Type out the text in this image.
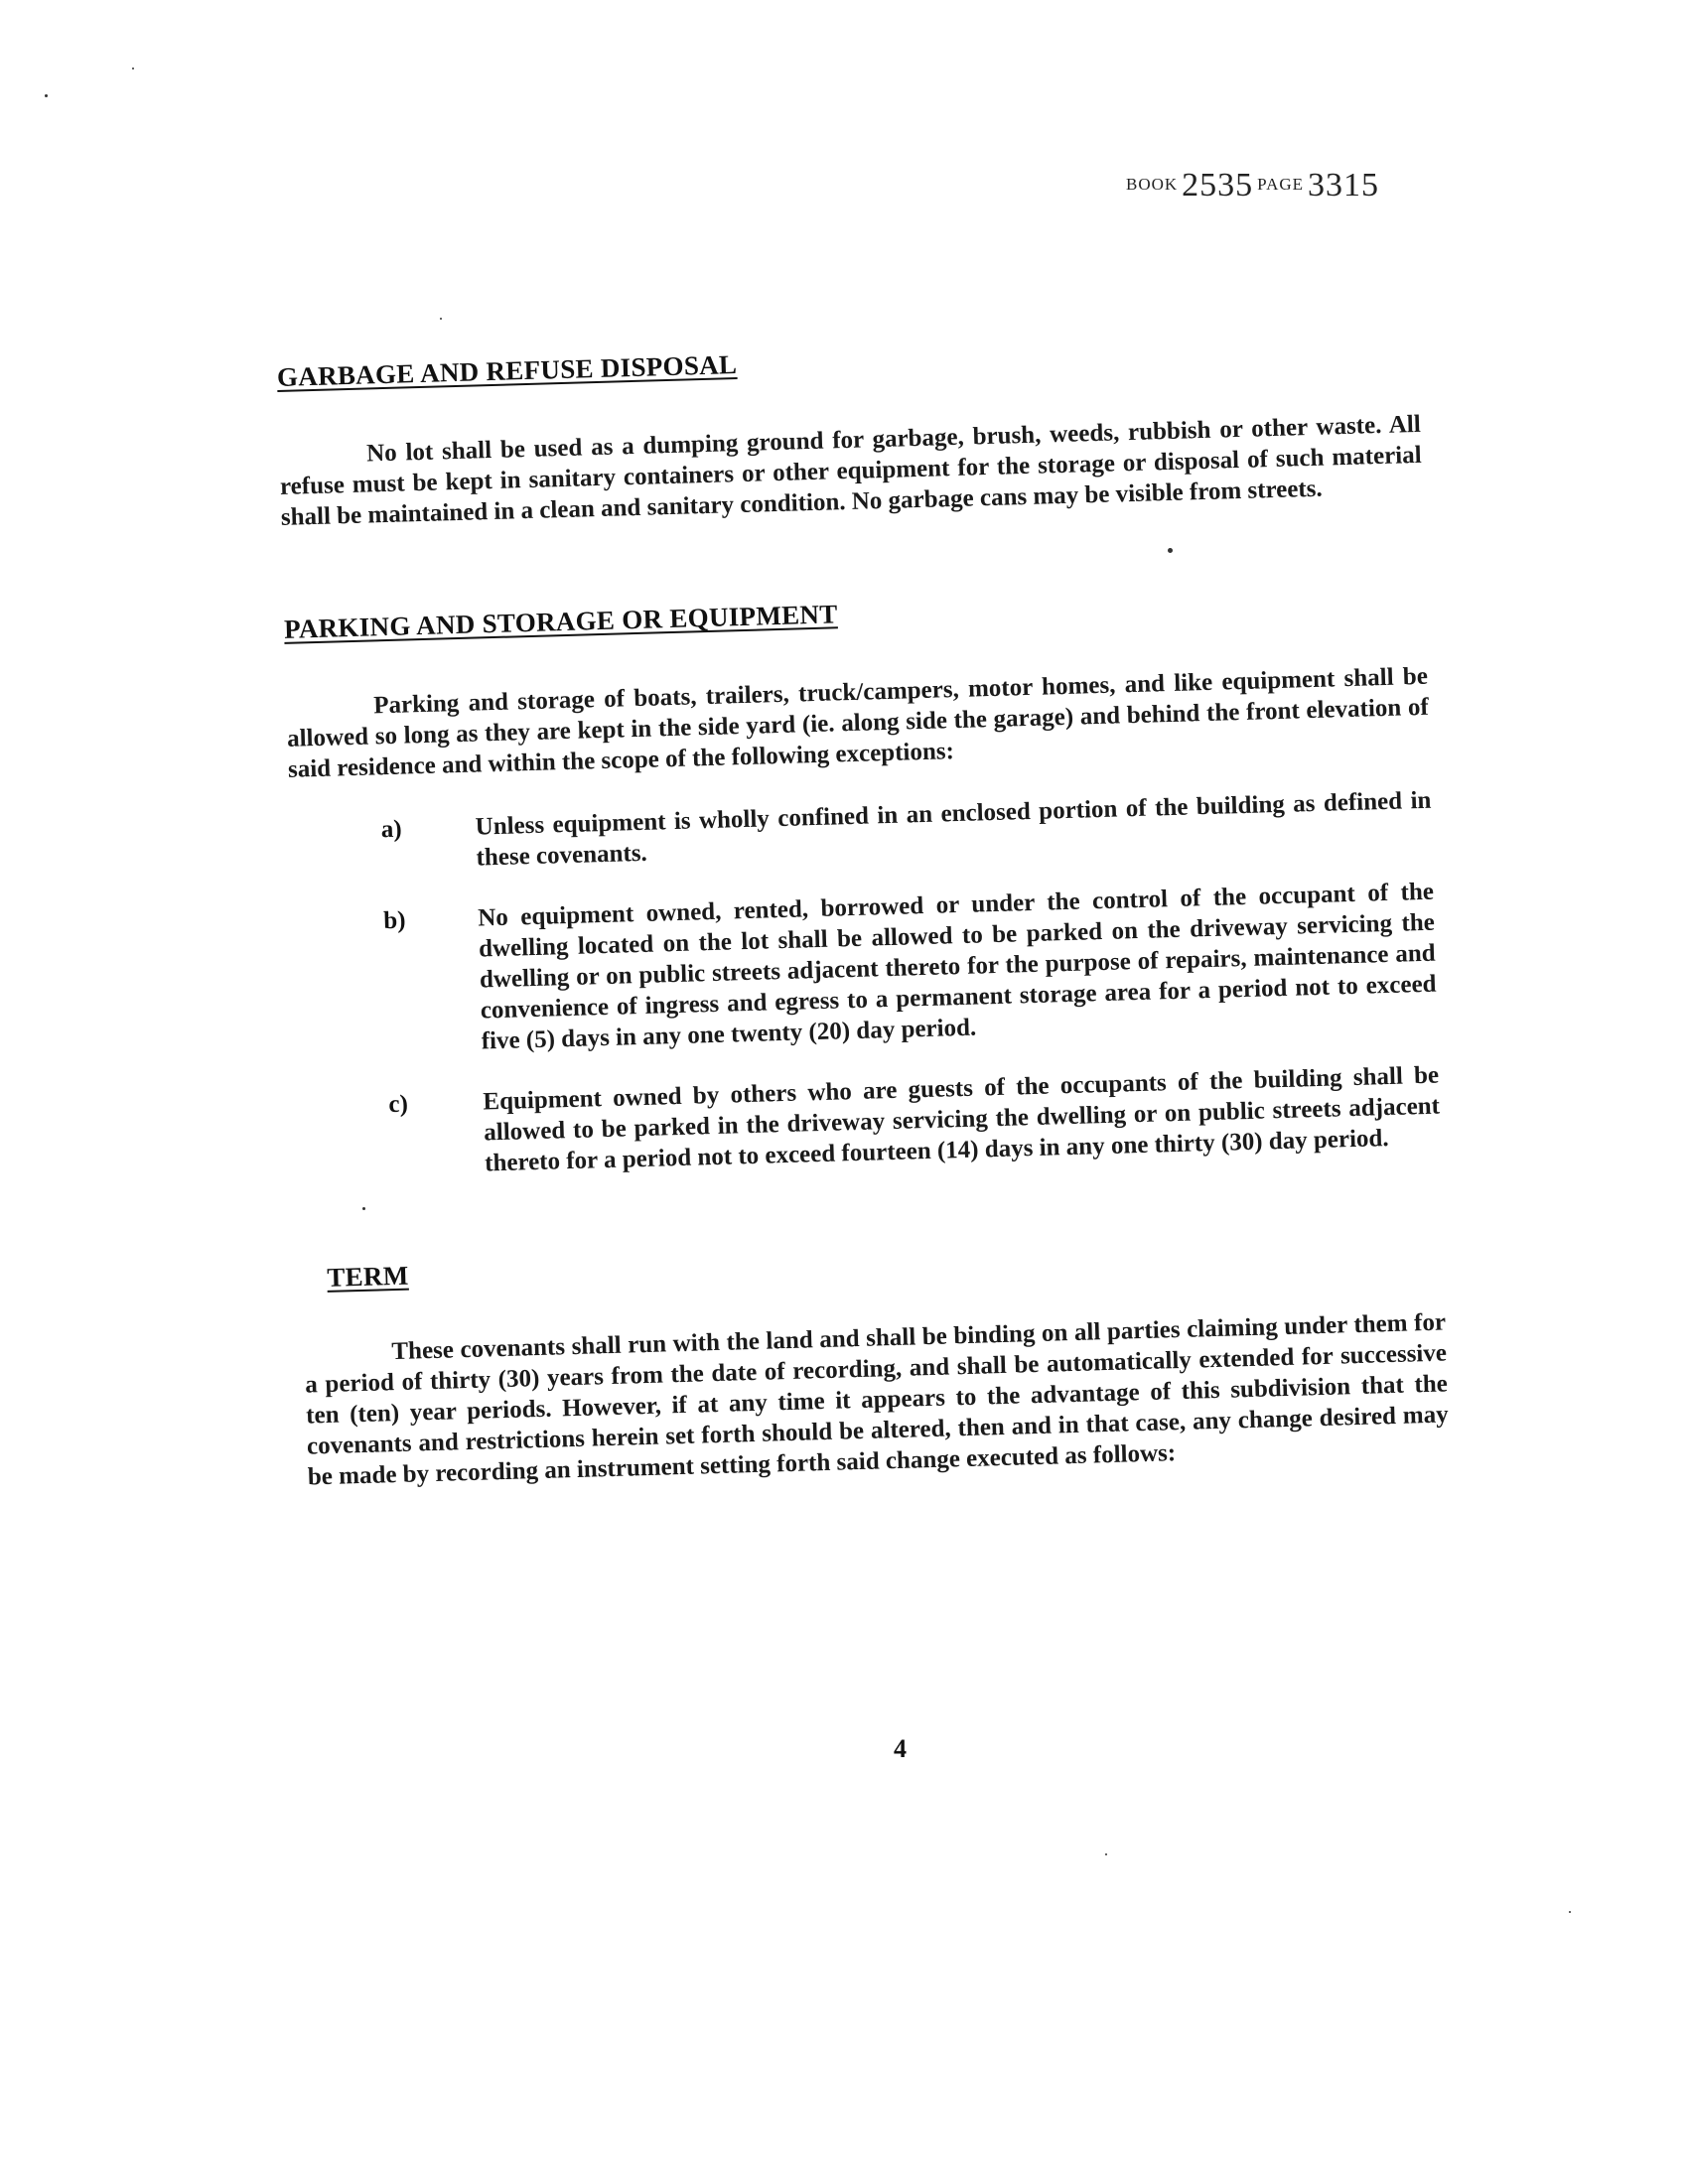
BOOK 2535 PAGE 3315
GARBAGE AND REFUSE DISPOSAL

No lot shall be used as a dumping ground for garbage, brush, weeds, rubbish or other waste. All refuse must be kept in sanitary containers or other equipment for the storage or disposal of such material shall be maintained in a clean and sanitary condition. No garbage cans may be visible from streets.

PARKING AND STORAGE OR EQUIPMENT

Parking and storage of boats, trailers, truck/campers, motor homes, and like equipment shall be allowed so long as they are kept in the side yard (ie. along side the garage) and behind the front elevation of said residence and within the scope of the following exceptions:

a)	Unless equipment is wholly confined in an enclosed portion of the building as defined in these covenants.
b)	No equipment owned, rented, borrowed or under the control of the occupant of the dwelling located on the lot shall be allowed to be parked on the driveway servicing the dwelling or on public streets adjacent thereto for the purpose of repairs, maintenance and convenience of ingress and egress to a permanent storage area for a period not to exceed five (5) days in any one twenty (20) day period.
c)	Equipment owned by others who are guests of the occupants of the building shall be allowed to be parked in the driveway servicing the dwelling or on public streets adjacent thereto for a period not to exceed fourteen (14) days in any one thirty (30) day period.
TERM

These covenants shall run with the land and shall be binding on all parties claiming under them for a period of thirty (30) years from the date of recording, and shall be automatically extended for successive ten (ten) year periods. However, if at any time it appears to the advantage of this subdivision that the covenants and restrictions herein set forth should be altered, then and in that case, any change desired may be made by recording an instrument setting forth said change executed as follows:

4
